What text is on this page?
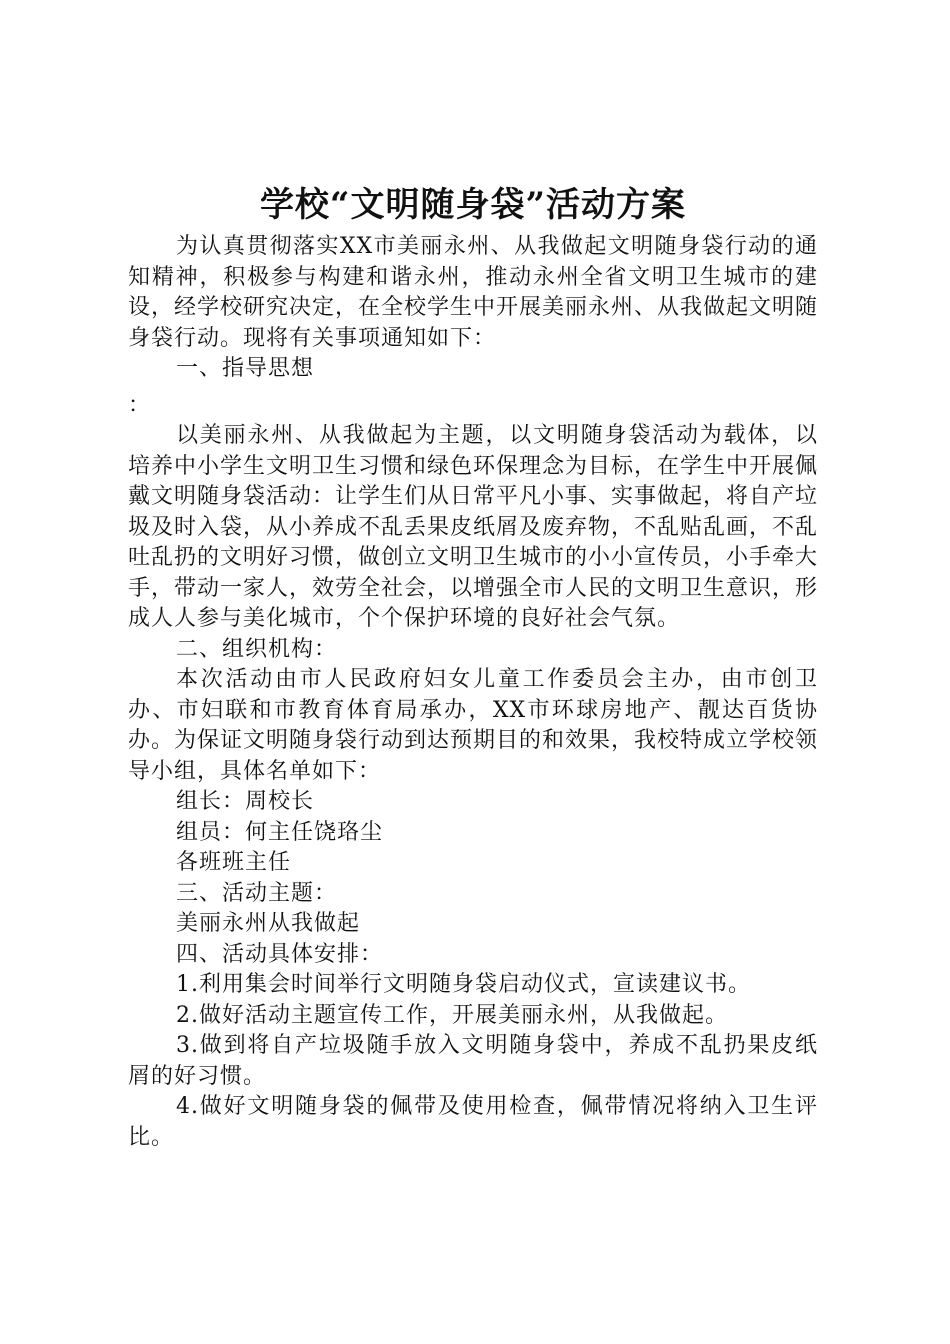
学校“文明随身袋”活动方案

为认真贯彻落实XX市美丽永州、从我做起文明随身袋行动的通知精神，积极参与构建和谐永州，推动永州全省文明卫生城市的建设，经学校研究决定，在全校学生中开展美丽永州、从我做起文明随身袋行动。现将有关事项通知如下：

一、指导思想

：

以美丽永州、从我做起为主题，以文明随身袋活动为载体，以培养中小学生文明卫生习惯和绿色环保理念为目标，在学生中开展佩戴文明随身袋活动：让学生们从日常平凡小事、实事做起，将自产垃圾及时入袋，从小养成不乱丢果皮纸屑及废弃物，不乱贴乱画，不乱吐乱扔的文明好习惯，做创立文明卫生城市的小小宣传员，小手牵大手，带动一家人，效劳全社会，以增强全市人民的文明卫生意识，形成人人参与美化城市，个个保护环境的良好社会气氛。

二、组织机构：

本次活动由市人民政府妇女儿童工作委员会主办，由市创卫办、市妇联和市教育体育局承办，XX市环球房地产、靓达百货协办。为保证文明随身袋行动到达预期目的和效果，我校特成立学校领导小组，具体名单如下：

组长：周校长

组员：何主任饶珞尘

各班班主任

三、活动主题：

美丽永州从我做起

四、活动具体安排：

1.利用集会时间举行文明随身袋启动仪式，宣读建议书。

2.做好活动主题宣传工作，开展美丽永州，从我做起。

3.做到将自产垃圾随手放入文明随身袋中，养成不乱扔果皮纸屑的好习惯。

4.做好文明随身袋的佩带及使用检查，佩带情况将纳入卫生评比。
